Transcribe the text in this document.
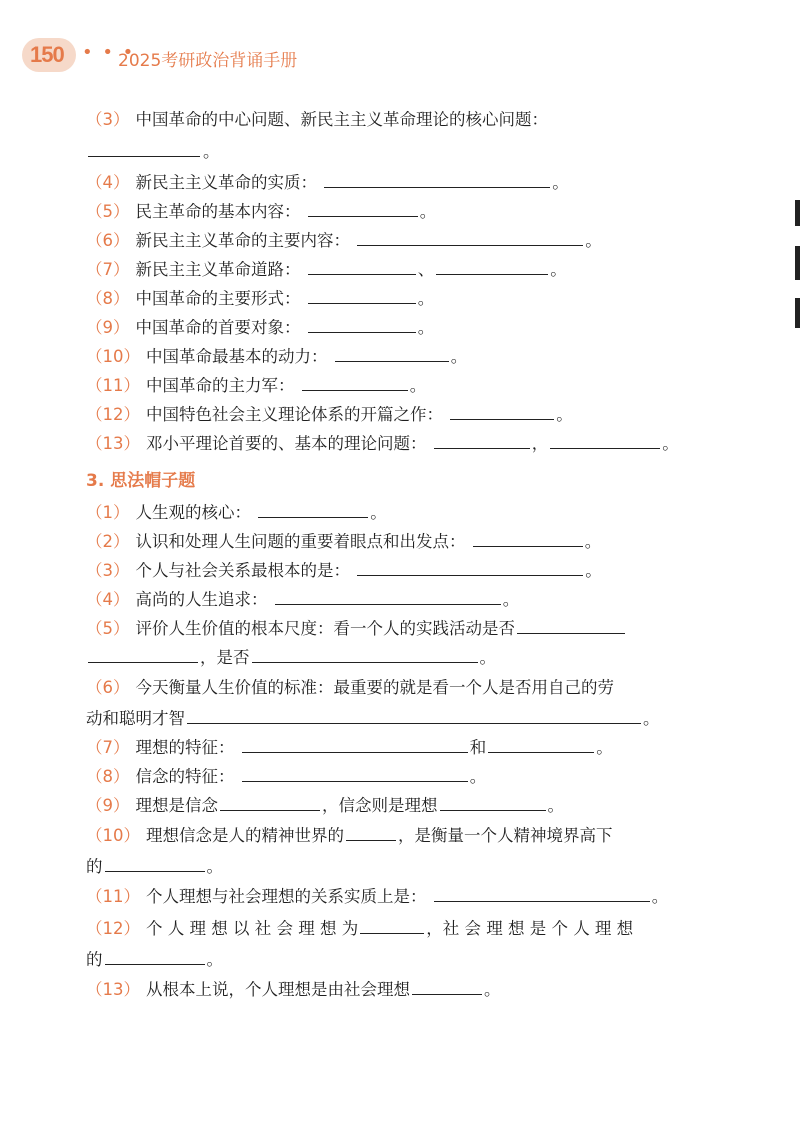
150 • • •
2025考研政治背诵手册
（3） 中国革命的中心问题、新民主主义革命理论的核心问题：
。
（4） 新民主主义革命的实质：	。
（5） 民主革命的基本内容：	。
（6） 新民主主义革命的主要内容：	。
（7） 新民主主义革命道路：	、	。
（8） 中国革命的主要形式：	。
（9） 中国革命的首要对象：	。
（10） 中国革命最基本的动力：	。
（11） 中国革命的主力军：	。
（12） 中国特色社会主义理论体系的开篇之作：	。
（13） 邓小平理论首要的、基本的理论问题：	，	。
3. 思法帽子题
（1） 人生观的核心：	。
（2） 认识和处理人生问题的重要着眼点和出发点：	。
（3） 个人与社会关系最根本的是：	。
（4） 高尚的人生追求：	。
（5） 评价人生价值的根本尺度：看一个人的实践活动是否
，是否	。
（6） 今天衡量人生价值的标准：最重要的就是看一个人是否用自己的劳
动和聪明才智	。
（7） 理想的特征：	和	。
（8） 信念的特征：	。
（9） 理想是信念	，信念则是理想	。
（10） 理想信念是人的精神世界的	，是衡量一个人精神境界高下
的	。
（11） 个人理想与社会理想的关系实质上是：	。
（12） 个 人 理 想 以 社 会 理 想 为	，社 会 理 想 是 个 人 理 想
的	。
（13） 从根本上说，个人理想是由社会理想	。
